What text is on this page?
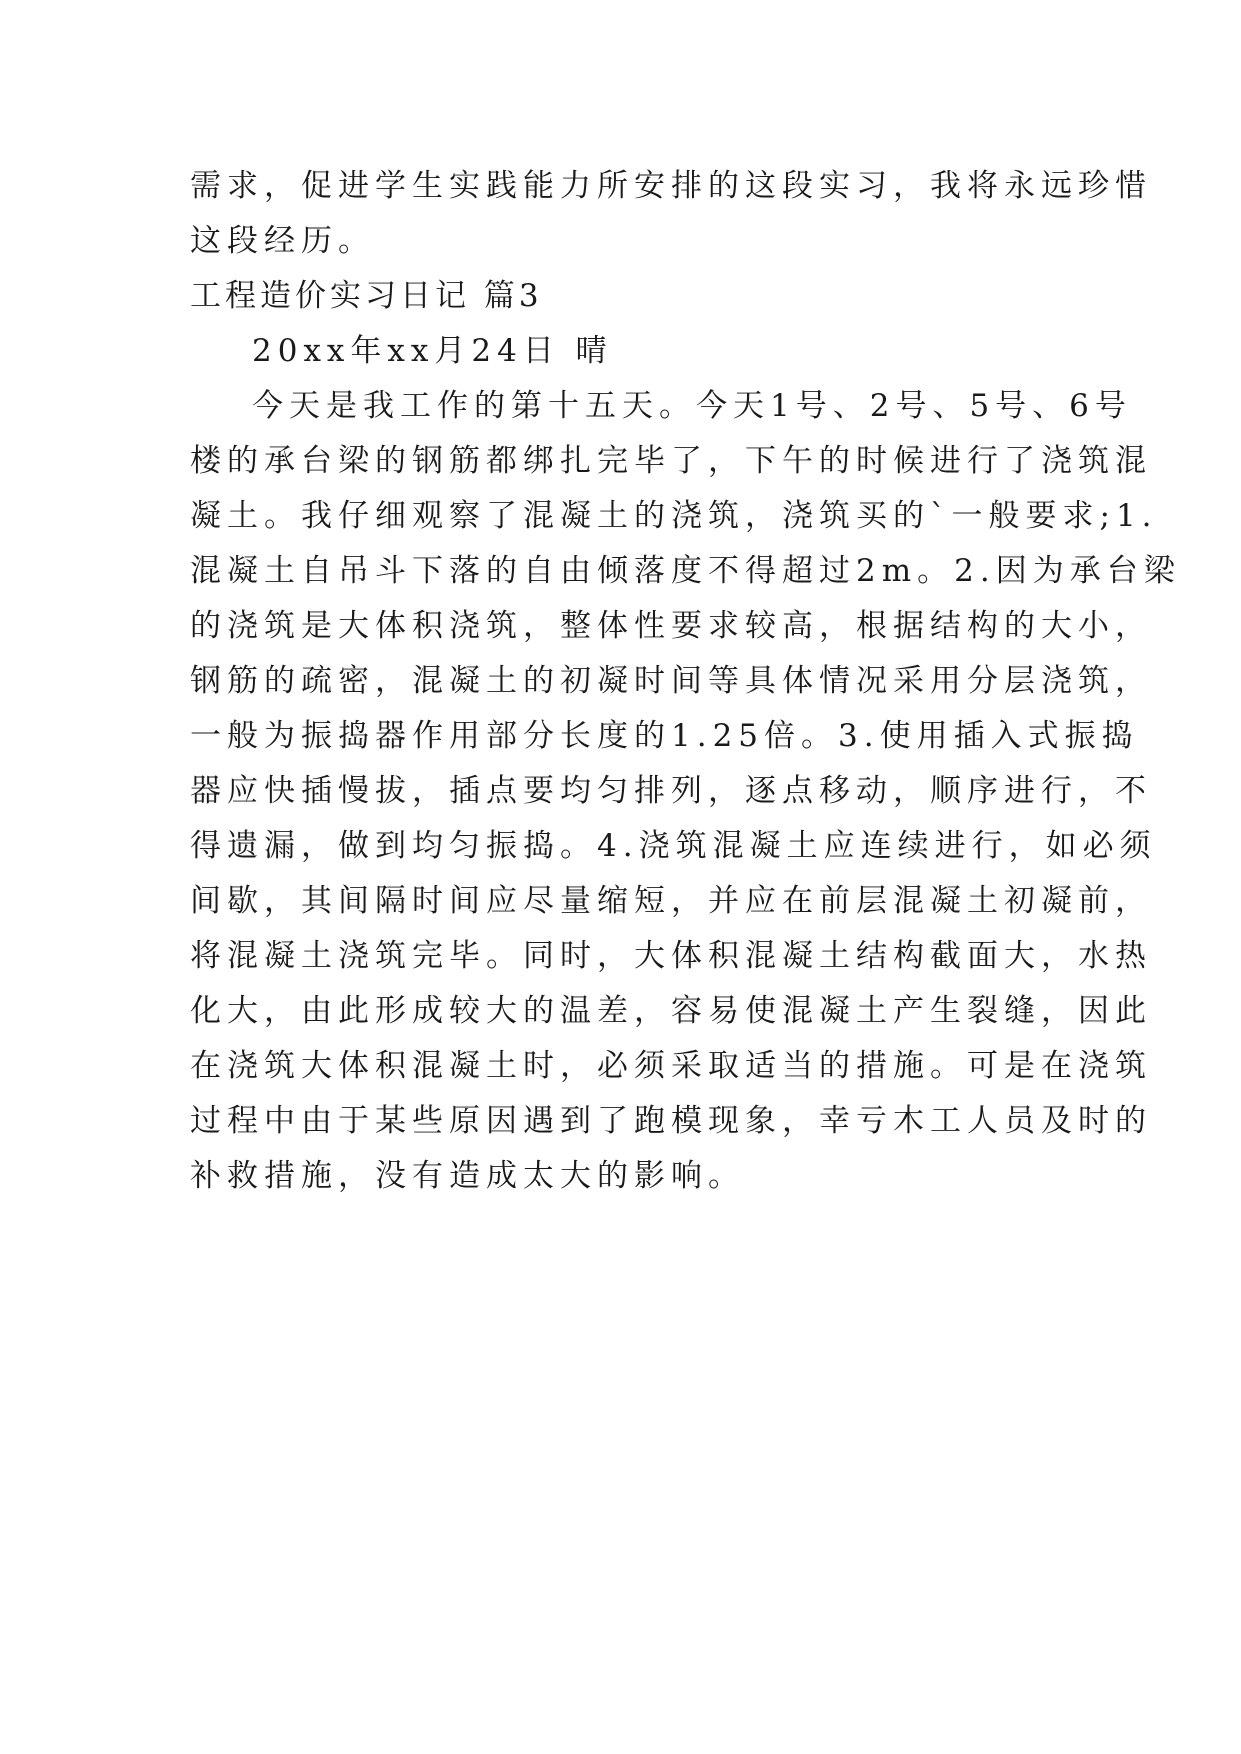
需求，促进学生实践能力所安排的这段实习，我将永远珍惜
这段经历。
工程造价实习日记 篇3
20xx年xx月24日 晴
今天是我工作的第十五天。今天1号、2号、5号、6号
楼的承台梁的钢筋都绑扎完毕了，下午的时候进行了浇筑混
凝土。我仔细观察了混凝土的浇筑，浇筑买的`一般要求;1.
混凝土自吊斗下落的自由倾落度不得超过2m。2.因为承台梁
的浇筑是大体积浇筑，整体性要求较高，根据结构的大小，
钢筋的疏密，混凝土的初凝时间等具体情况采用分层浇筑，
一般为振捣器作用部分长度的1.25倍。3.使用插入式振捣
器应快插慢拔，插点要均匀排列，逐点移动，顺序进行，不
得遗漏，做到均匀振捣。4.浇筑混凝土应连续进行，如必须
间歇，其间隔时间应尽量缩短，并应在前层混凝土初凝前，
将混凝土浇筑完毕。同时，大体积混凝土结构截面大，水热
化大，由此形成较大的温差，容易使混凝土产生裂缝，因此
在浇筑大体积混凝土时，必须采取适当的措施。可是在浇筑
过程中由于某些原因遇到了跑模现象，幸亏木工人员及时的
补救措施，没有造成太大的影响。
